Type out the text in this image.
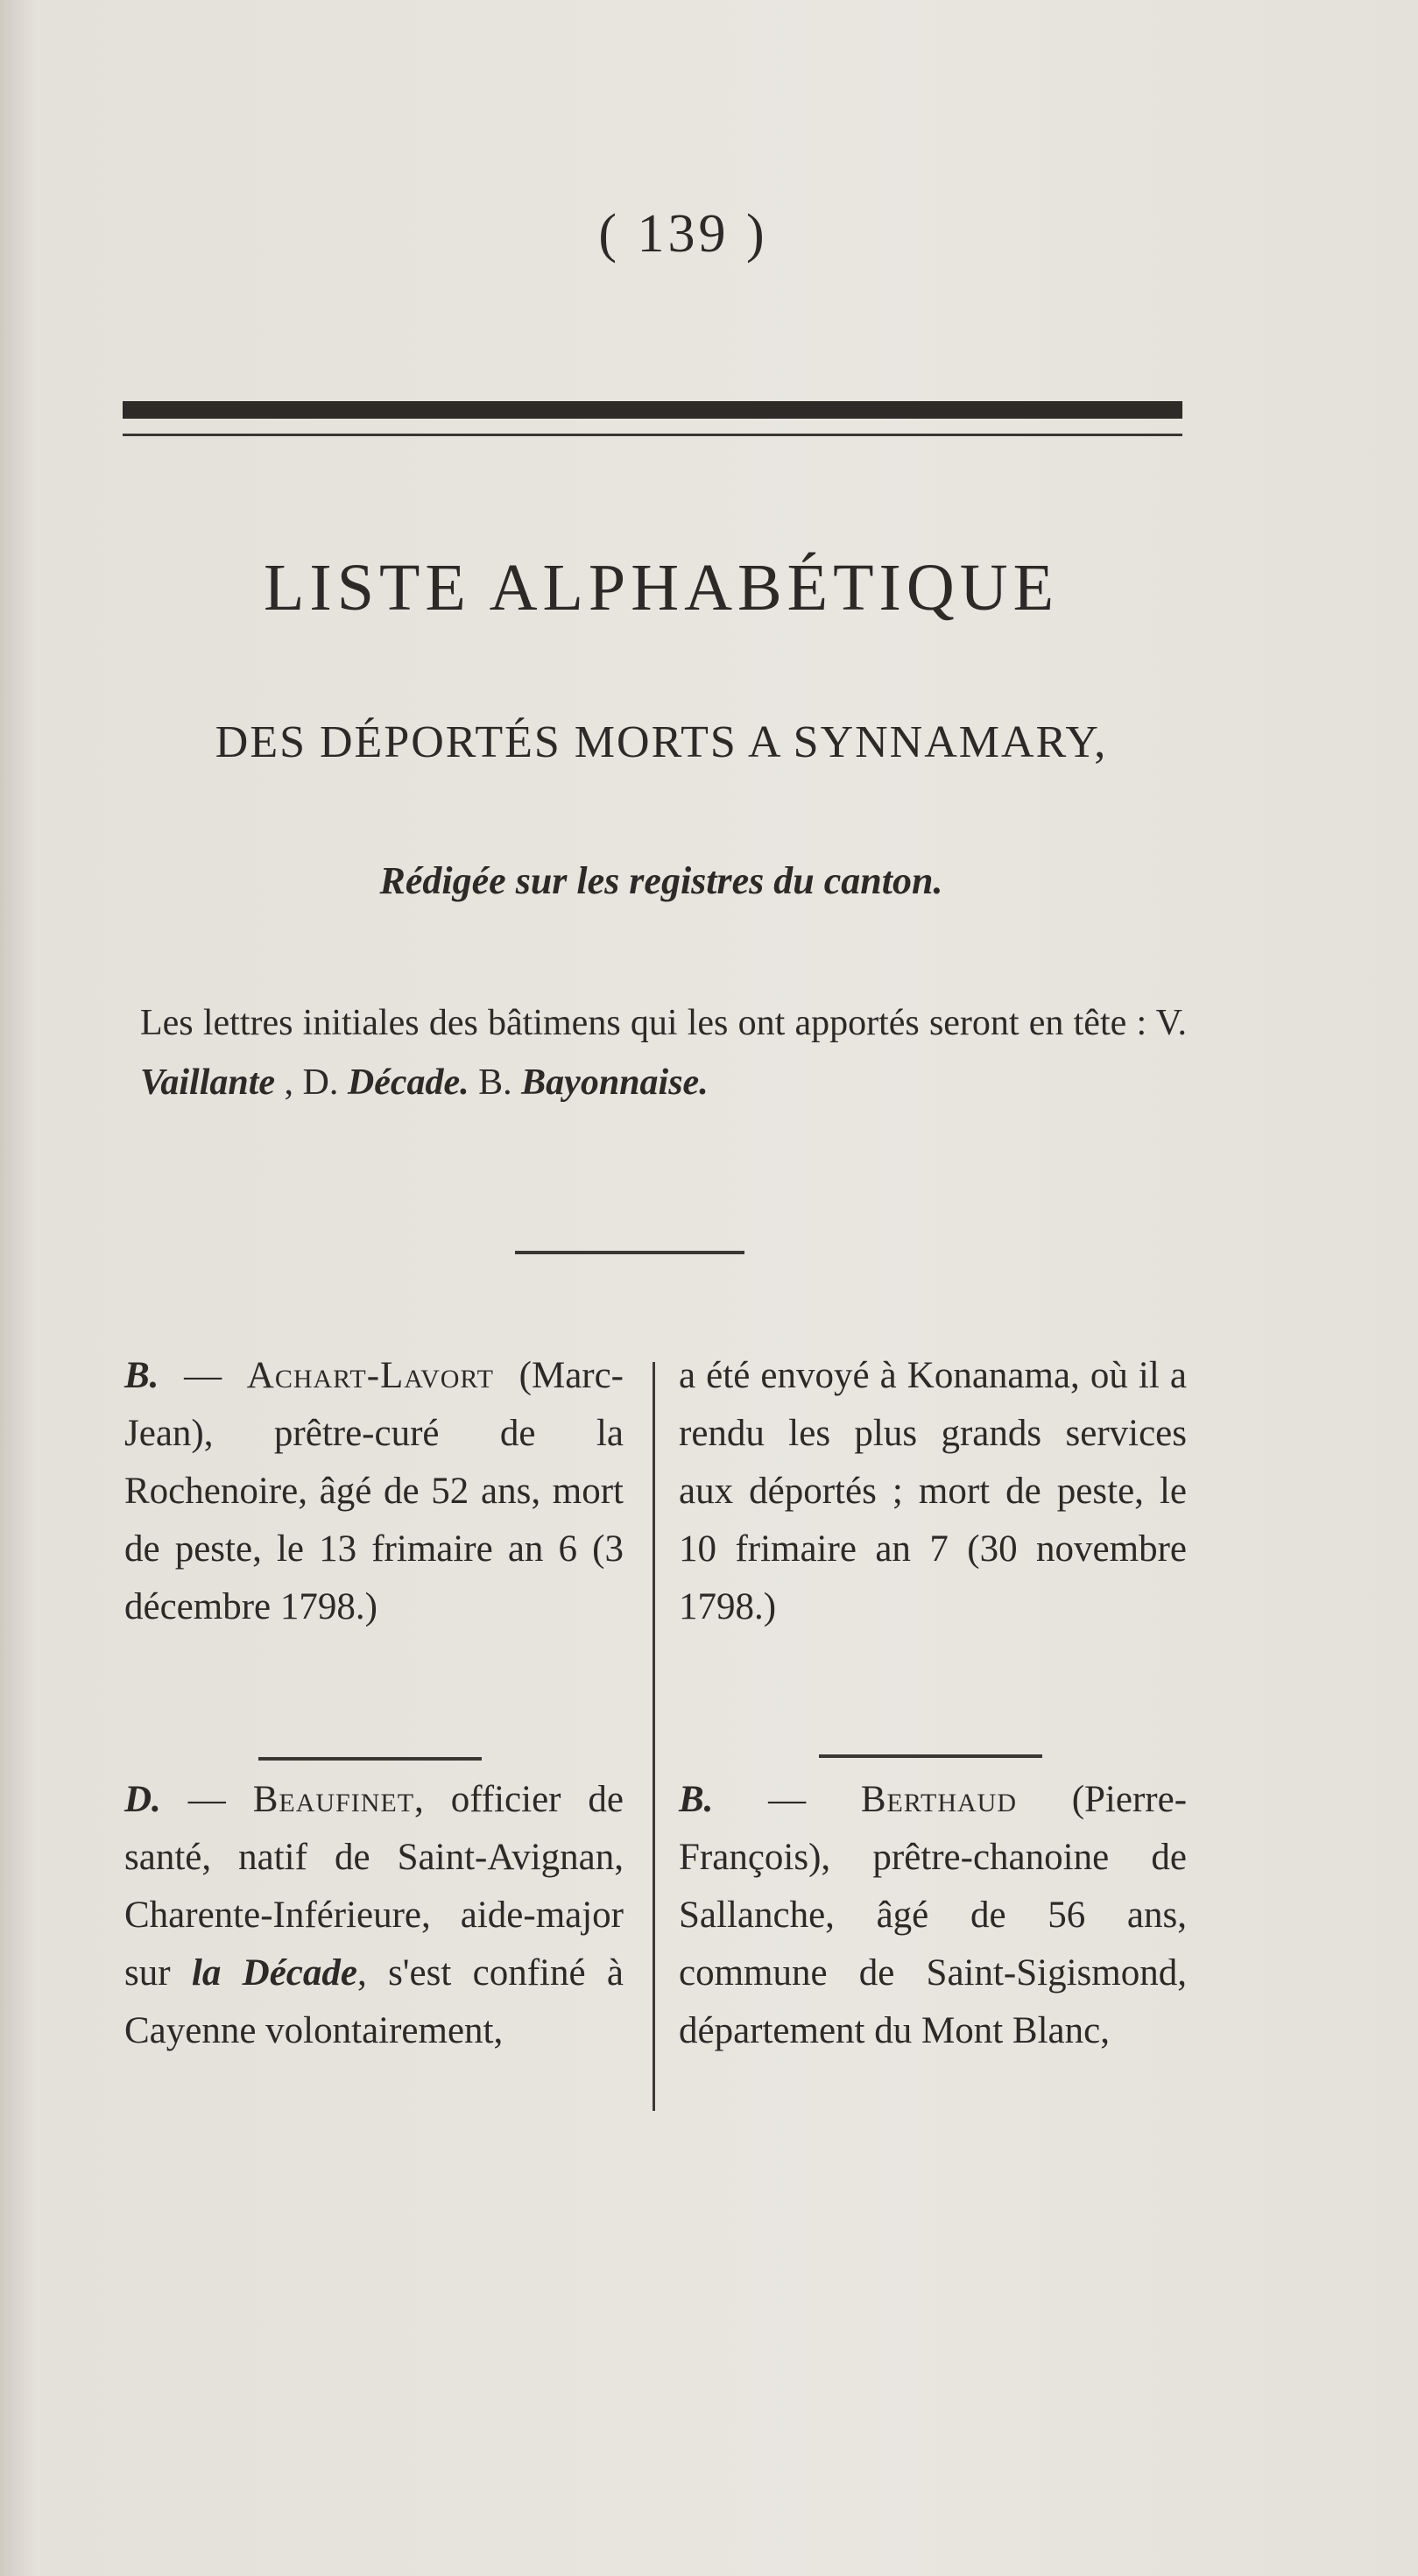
( 139 )
LISTE ALPHABÉTIQUE
DES DÉPORTÉS MORTS A SYNNAMARY,
Rédigée sur les registres du canton.
Les lettres initiales des bâtimens qui les ont apportés seront en tête : V. Vaillante , D. Décade. B. Bayonnaise.
B. — Achart-Lavort (Marc-Jean), prêtre-curé de la Rochenoire, âgé de 52 ans, mort de peste, le 13 frimaire an 6 (3 décembre 1798.)
D. — Beaufinet, officier de santé, natif de Saint-Avignan, Charente-Inférieure, aide-major sur la Décade, s'est confiné à Cayenne volontairement,
a été envoyé à Konanama, où il a rendu les plus grands services aux déportés ; mort de peste, le 10 frimaire an 7 (30 novembre 1798.)
B. — Berthaud (Pierre-François), prêtre-chanoine de Sallanche, âgé de 56 ans, commune de Saint-Sigismond, département du Mont Blanc,
